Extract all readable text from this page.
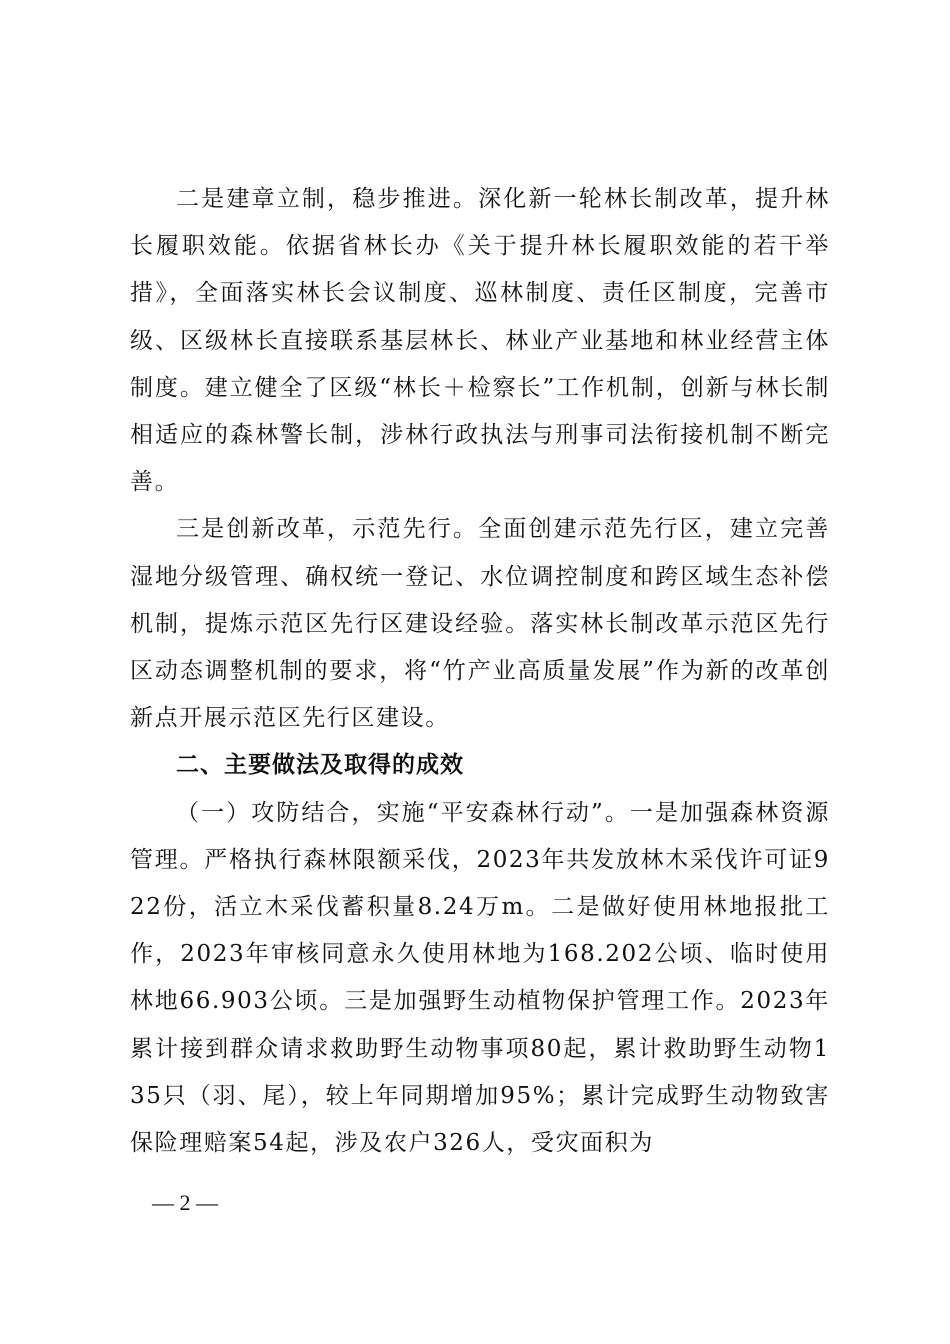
二是建章立制，稳步推进。深化新一轮林长制改革，提升林长履职效能。依据省林长办《关于提升林长履职效能的若干举措》，全面落实林长会议制度、巡林制度、责任区制度，完善市级、区级林长直接联系基层林长、林业产业基地和林业经营主体制度。建立健全了区级“林长＋检察长”工作机制，创新与林长制相适应的森林警长制，涉林行政执法与刑事司法衔接机制不断完善。

三是创新改革，示范先行。全面创建示范先行区，建立完善湿地分级管理、确权统一登记、水位调控制度和跨区域生态补偿机制，提炼示范区先行区建设经验。落实林长制改革示范区先行区动态调整机制的要求，将“竹产业高质量发展”作为新的改革创新点开展示范区先行区建设。

二、主要做法及取得的成效

（一）攻防结合，实施“平安森林行动”。一是加强森林资源管理。严格执行森林限额采伐，2023年共发放林木采伐许可证922份，活立木采伐蓄积量8.24万m。二是做好使用林地报批工作，2023年审核同意永久使用林地为168.202公顷、临时使用林地66.903公顷。三是加强野生动植物保护管理工作。2023年累计接到群众请求救助野生动物事项80起，累计救助野生动物135只（羽、尾），较上年同期增加95%；累计完成野生动物致害保险理赔案54起，涉及农户326人，受灾面积为

— 2 —
